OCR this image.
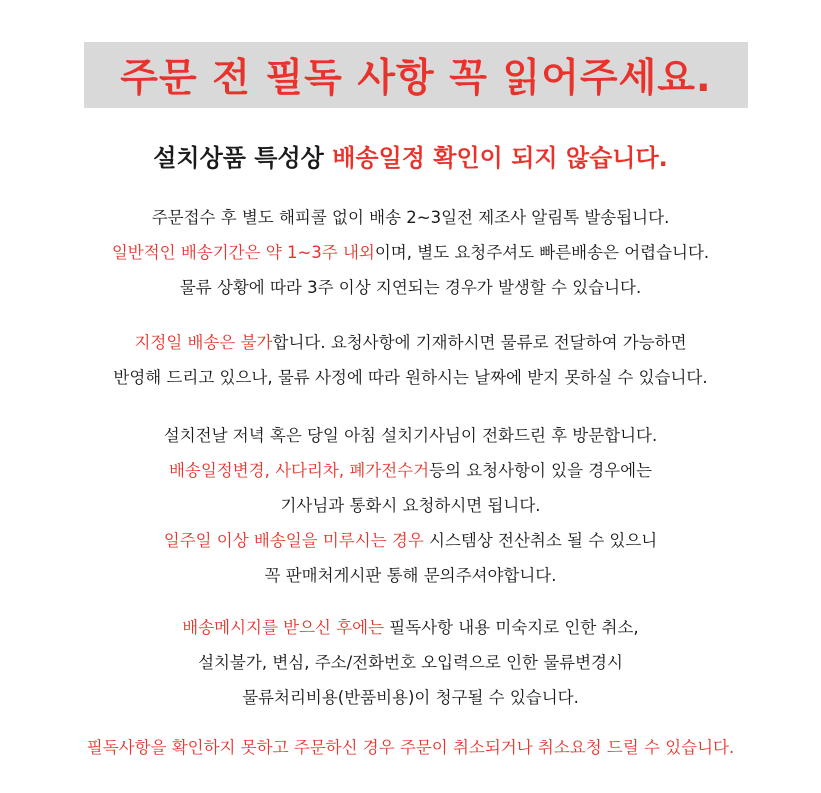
주문 전 필독 사항 꼭 읽어주세요.
설치상품 특성상 배송일정 확인이 되지 않습니다.
주문접수 후 별도 해피콜 없이 배송 2~3일전 제조사 알림톡 발송됩니다.
일반적인 배송기간은 약 1~3주 내외이며, 별도 요청주셔도 빠른배송은 어렵습니다.
물류 상황에 따라 3주 이상 지연되는 경우가 발생할 수 있습니다.
지정일 배송은 불가합니다. 요청사항에 기재하시면 물류로 전달하여 가능하면
반영해 드리고 있으나, 물류 사정에 따라 원하시는 날짜에 받지 못하실 수 있습니다.
설치전날 저녁 혹은 당일 아침 설치기사님이 전화드린 후 방문합니다.
배송일정변경, 사다리차, 폐가전수거등의 요청사항이 있을 경우에는
기사님과 통화시 요청하시면 됩니다.
일주일 이상 배송일을 미루시는 경우 시스템상 전산취소 될 수 있으니
꼭 판매처게시판 통해 문의주셔야합니다.
배송메시지를 받으신 후에는 필독사항 내용 미숙지로 인한 취소,
설치불가, 변심, 주소/전화번호 오입력으로 인한 물류변경시
물류처리비용(반품비용)이 청구될 수 있습니다.
필독사항을 확인하지 못하고 주문하신 경우 주문이 취소되거나 취소요청 드릴 수 있습니다.
